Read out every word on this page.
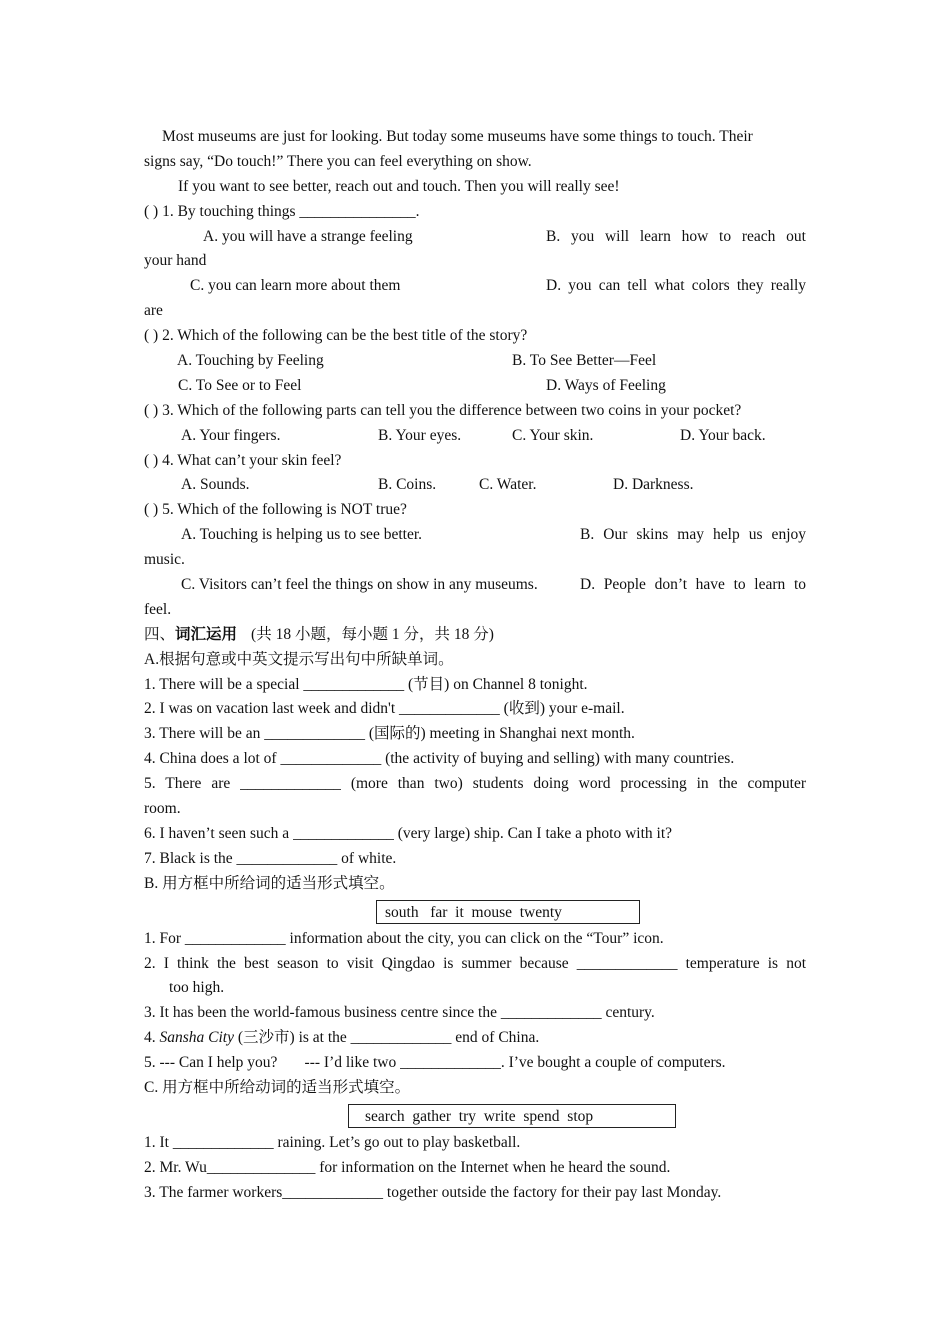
Most museums are just for looking. But today some museums have some things to touch. Their
signs say, “Do touch!” There you can feel everything on show.
If you want to see better, reach out and touch. Then you will really see!
( ) 1. By touching things _______________.
A. you will have a strange feeling	B. you will learn how to reach out
your hand
C. you can learn more about them	D. you can tell what colors they really
are
( ) 2. Which of the following can be the best title of the story?
A. Touching by Feeling	B. To See Better—Feel
C. To See or to Feel	D. Ways of Feeling
( ) 3. Which of the following parts can tell you the difference between two coins in your pocket?
A. Your fingers.	B. Your eyes.	C. Your skin.	D. Your back.
( ) 4. What can’t your skin feel?
A. Sounds.	B. Coins.	C. Water.	D. Darkness.
( ) 5. Which of the following is NOT true?
A. Touching is helping us to see better.	B. Our skins may help us enjoy
music.
C. Visitors can’t feel the things on show in any museums.	D. People don’t have to learn to
feel.
四、词汇运用 (共 18 小题，每小题 1 分，共 18 分)
A.根据句意或中英文提示写出句中所缺单词。
1. There will be a special _____________ (节目) on Channel 8 tonight.
2. I was on vacation last week and didn't _____________ (收到) your e-mail.
3. There will be an _____________ (国际的) meeting in Shanghai next month.
4. China does a lot of _____________ (the activity of buying and selling) with many countries.
5. There are _____________ (more than two) students doing word processing in the computer
room.
6. I haven’t seen such a _____________ (very large) ship. Can I take a photo with it?
7. Black is the _____________ of white.
B. 用方框中所给词的适当形式填空。
south   far  it  mouse  twenty
1. For _____________ information about the city, you can click on the “Tour” icon.
2. I think the best season to visit Qingdao is summer because _____________ temperature is not
too high.
3. It has been the world-famous business centre since the _____________ century.
4. Sansha City (三沙市) is at the _____________ end of China.
5. --- Can I help you?       --- I’d like two _____________. I’ve bought a couple of computers.
C. 用方框中所给动词的适当形式填空。
search  gather  try  write  spend  stop
1. It _____________ raining. Let’s go out to play basketball.
2. Mr. Wu______________ for information on the Internet when he heard the sound.
3. The farmer workers_____________ together outside the factory for their pay last Monday.
